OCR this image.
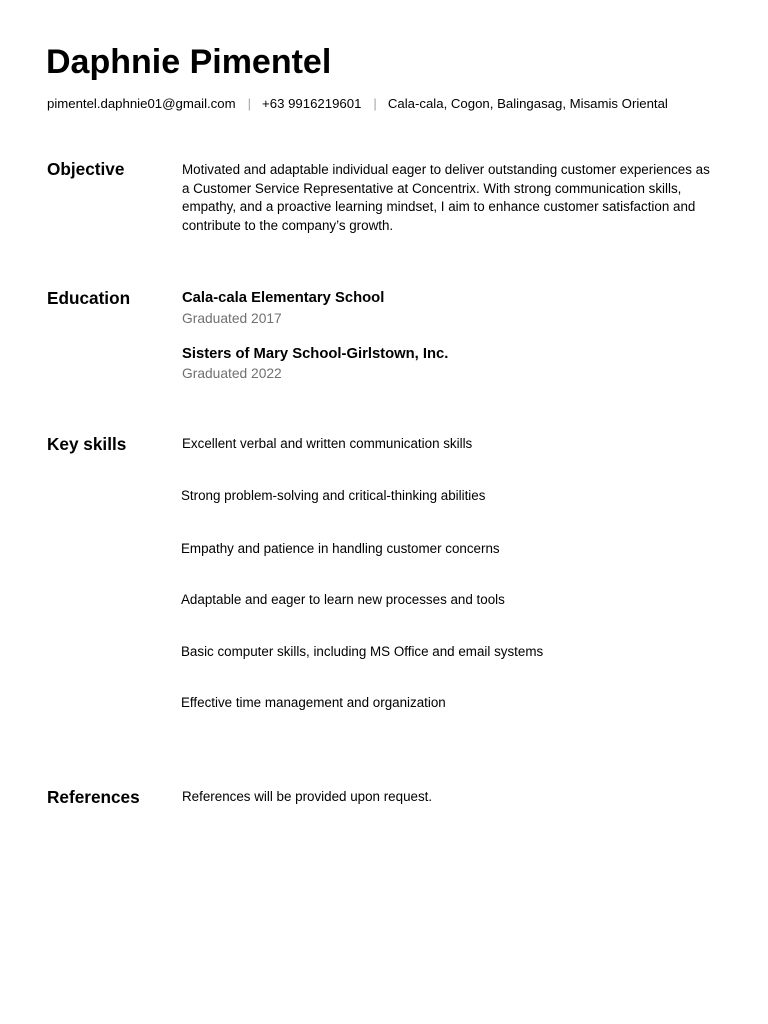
Daphnie Pimentel
pimentel.daphnie01@gmail.com | +63 9916219601 | Cala-cala, Cogon, Balingasag, Misamis Oriental
Objective	Motivated and adaptable individual eager to deliver outstanding customer experiences as a Customer Service Representative at Concentrix. With strong communication skills, empathy, and a proactive learning mindset, I aim to enhance customer satisfaction and contribute to the company’s growth.

Education	Cala-cala Elementary School
Graduated 2017
Sisters of Mary School-Girlstown, Inc.
Graduated 2022
Key skills	Excellent verbal and written communication skills
Strong problem-solving and critical-thinking abilities
Empathy and patience in handling customer concerns
Adaptable and eager to learn new processes and tools
Basic computer skills, including MS Office and email systems
Effective time management and organization
References	References will be provided upon request.
